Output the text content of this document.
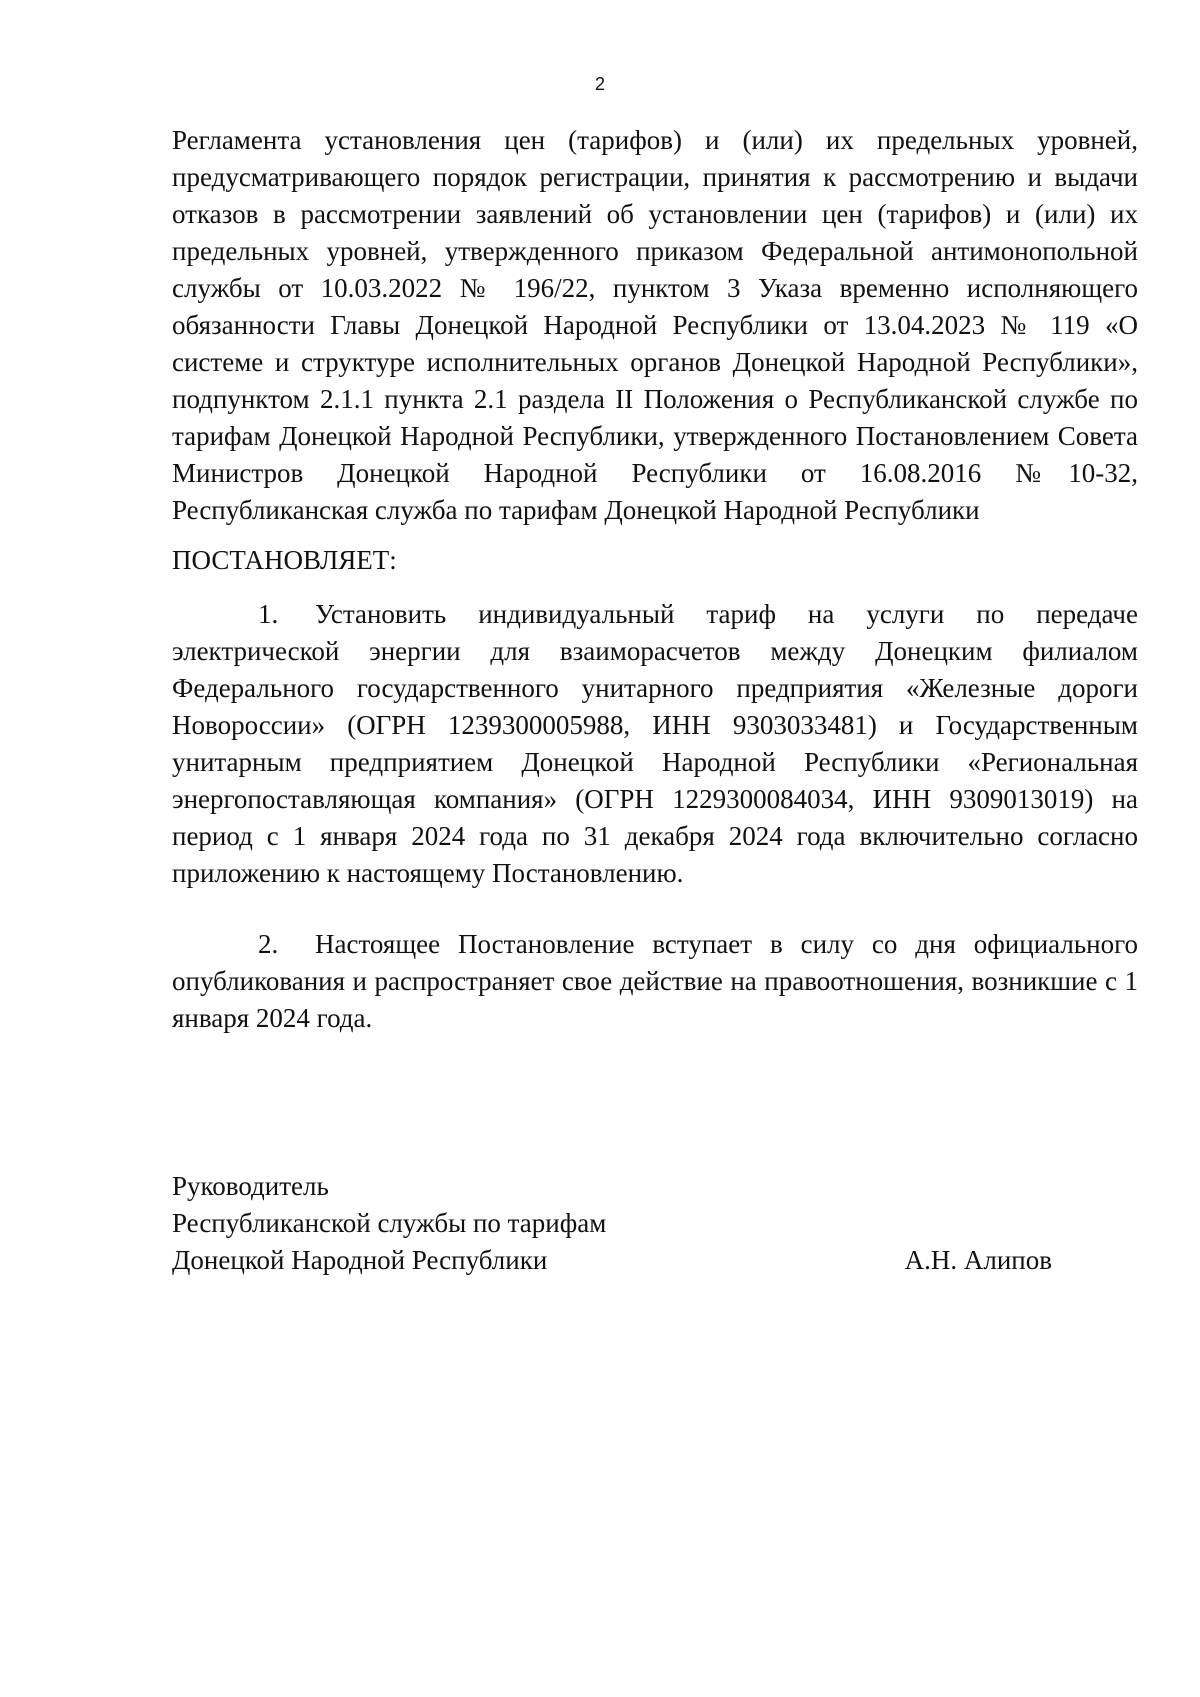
2

Регламента установления цен (тарифов) и (или) их предельных уровней, предусматривающего порядок регистрации, принятия к рассмотрению и выдачи отказов в рассмотрении заявлений об установлении цен (тарифов) и (или) их предельных уровней, утвержденного приказом Федеральной антимонопольной службы от 10.03.2022 № 196/22, пунктом 3 Указа временно исполняющего обязанности Главы Донецкой Народной Республики от 13.04.2023 № 119 «О системе и структуре исполнительных органов Донецкой Народной Республики», подпунктом 2.1.1 пункта 2.1 раздела II Положения о Республиканской службе по тарифам Донецкой Народной Республики, утвержденного Постановлением Совета Министров Донецкой Народной Республики от 16.08.2016 №10-32, Республиканская служба по тарифам Донецкой Народной Республики

ПОСТАНОВЛЯЕТ:

1. Установить индивидуальный тариф на услуги по передаче электрической энергии для взаиморасчетов между Донецким филиалом Федерального государственного унитарного предприятия «Железные дороги Новороссии» (ОГРН 1239300005988, ИНН 9303033481) и Государственным унитарным предприятием Донецкой Народной Республики «Региональная энергопоставляющая компания» (ОГРН 1229300084034, ИНН 9309013019) на период с 1 января 2024 года по 31 декабря 2024 года включительно согласно приложению к настоящему Постановлению.

2. Настоящее Постановление вступает в силу со дня официального опубликования и распространяет свое действие на правоотношения, возникшие с 1 января 2024 года.

Руководитель
Республиканской службы по тарифам
Донецкой Народной Республики	А.Н. Алипов
